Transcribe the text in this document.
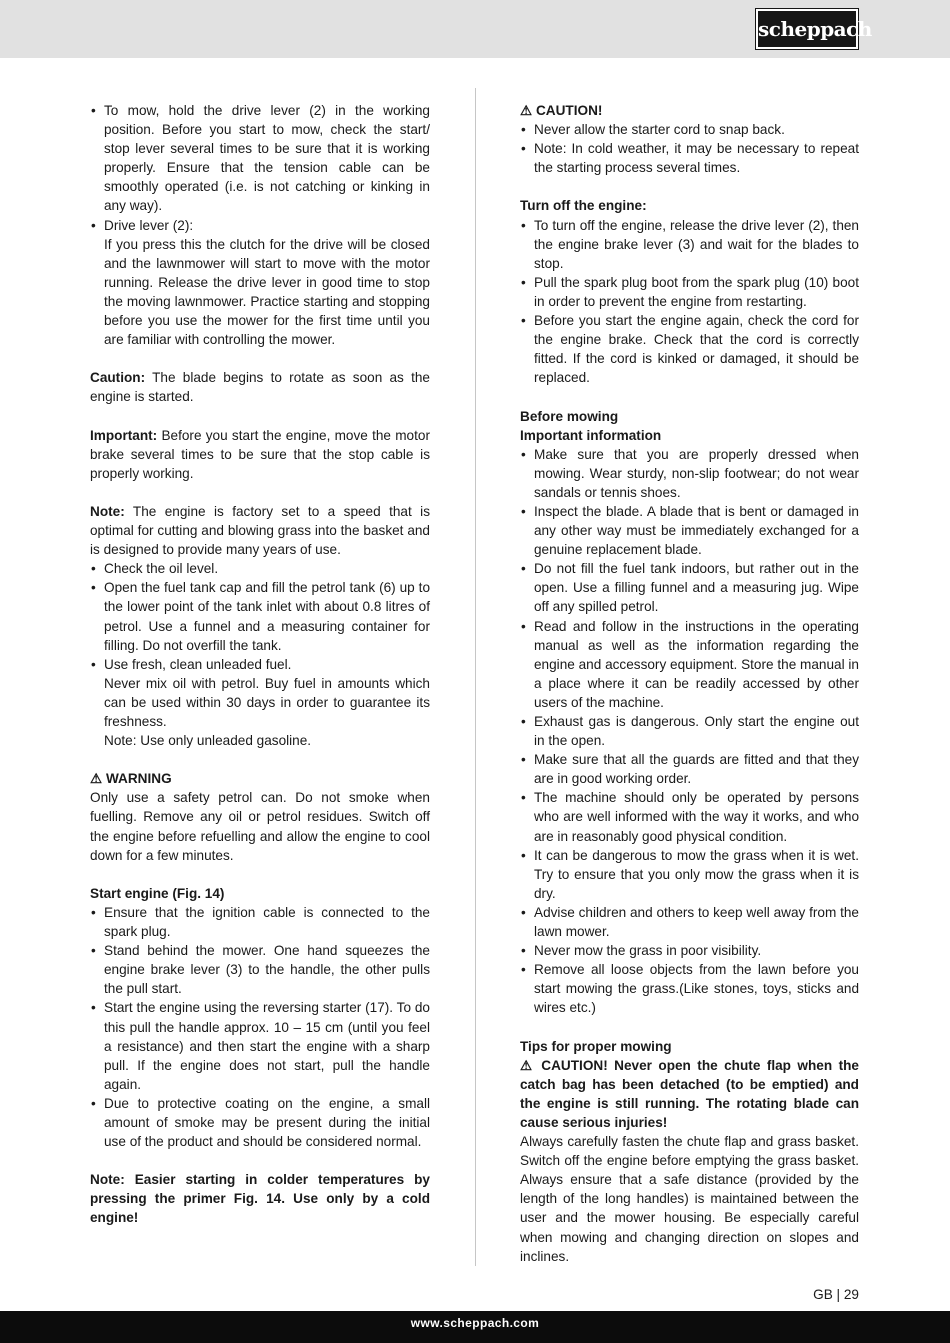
scheppach
• To mow, hold the drive lever (2) in the working position. Before you start to mow, check the start/ stop lever several times to be sure that it is working properly. Ensure that the tension cable can be smoothly operated (i.e. is not catching or kinking in any way).
• Drive lever (2):
If you press this the clutch for the drive will be closed and the lawnmower will start to move with the motor running. Release the drive lever in good time to stop the moving lawnmower. Practice starting and stopping before you use the mower for the first time until you are familiar with controlling the mower.

Caution: The blade begins to rotate as soon as the engine is started.

Important: Before you start the engine, move the motor brake several times to be sure that the stop cable is properly working.

Note: The engine is factory set to a speed that is optimal for cutting and blowing grass into the basket and is designed to provide many years of use.

• Check the oil level.
• Open the fuel tank cap and fill the petrol tank (6) up to the lower point of the tank inlet with about 0.8 litres of petrol. Use a funnel and a measuring container for filling. Do not overfill the tank.
• Use fresh, clean unleaded fuel.
Never mix oil with petrol. Buy fuel in amounts which can be used within 30 days in order to guarantee its freshness.
Note: Use only unleaded gasoline.

⚠ WARNING

Only use a safety petrol can. Do not smoke when fuelling. Remove any oil or petrol residues. Switch off the engine before refuelling and allow the engine to cool down for a few minutes.

Start engine (Fig. 14)

• Ensure that the ignition cable is connected to the spark plug.
• Stand behind the mower. One hand squeezes the engine brake lever (3) to the handle, the other pulls the pull start.
• Start the engine using the reversing starter (17). To do this pull the handle approx. 10 – 15 cm (until you feel a resistance) and then start the engine with a sharp pull. If the engine does not start, pull the handle again.
• Due to protective coating on the engine, a small amount of smoke may be present during the initial use of the product and should be considered normal.

Note: Easier starting in colder temperatures by pressing the primer Fig. 14. Use only by a cold engine!

⚠ CAUTION!

• Never allow the starter cord to snap back.
• Note: In cold weather, it may be necessary to repeat the starting process several times.

Turn off the engine:

• To turn off the engine, release the drive lever (2), then the engine brake lever (3) and wait for the blades to stop.
• Pull the spark plug boot from the spark plug (10) boot in order to prevent the engine from restarting.
• Before you start the engine again, check the cord for the engine brake. Check that the cord is correctly fitted. If the cord is kinked or damaged, it should be replaced.

Before mowing

Important information

• Make sure that you are properly dressed when mowing. Wear sturdy, non-slip footwear; do not wear sandals or tennis shoes.
• Inspect the blade. A blade that is bent or damaged in any other way must be immediately exchanged for a genuine replacement blade.
• Do not fill the fuel tank indoors, but rather out in the open. Use a filling funnel and a measuring jug. Wipe off any spilled petrol.
• Read and follow in the instructions in the operating manual as well as the information regarding the engine and accessory equipment. Store the manual in a place where it can be readily accessed by other users of the machine.
• Exhaust gas is dangerous. Only start the engine out in the open.
• Make sure that all the guards are fitted and that they are in good working order.
• The machine should only be operated by persons who are well informed with the way it works, and who are in reasonably good physical condition.
• It can be dangerous to mow the grass when it is wet. Try to ensure that you only mow the grass when it is dry.
• Advise children and others to keep well away from the lawn mower.
• Never mow the grass in poor visibility.
• Remove all loose objects from the lawn before you start mowing the grass.(Like stones, toys, sticks and wires etc.)

Tips for proper mowing

⚠ CAUTION! Never open the chute flap when the catch bag has been detached (to be emptied) and the engine is still running. The rotating blade can cause serious injuries!

Always carefully fasten the chute flap and grass basket. Switch off the engine before emptying the grass basket. Always ensure that a safe distance (provided by the length of the long handles) is maintained between the user and the mower housing. Be especially careful when mowing and changing direction on slopes and inclines.

GB | 29
www.scheppach.com
